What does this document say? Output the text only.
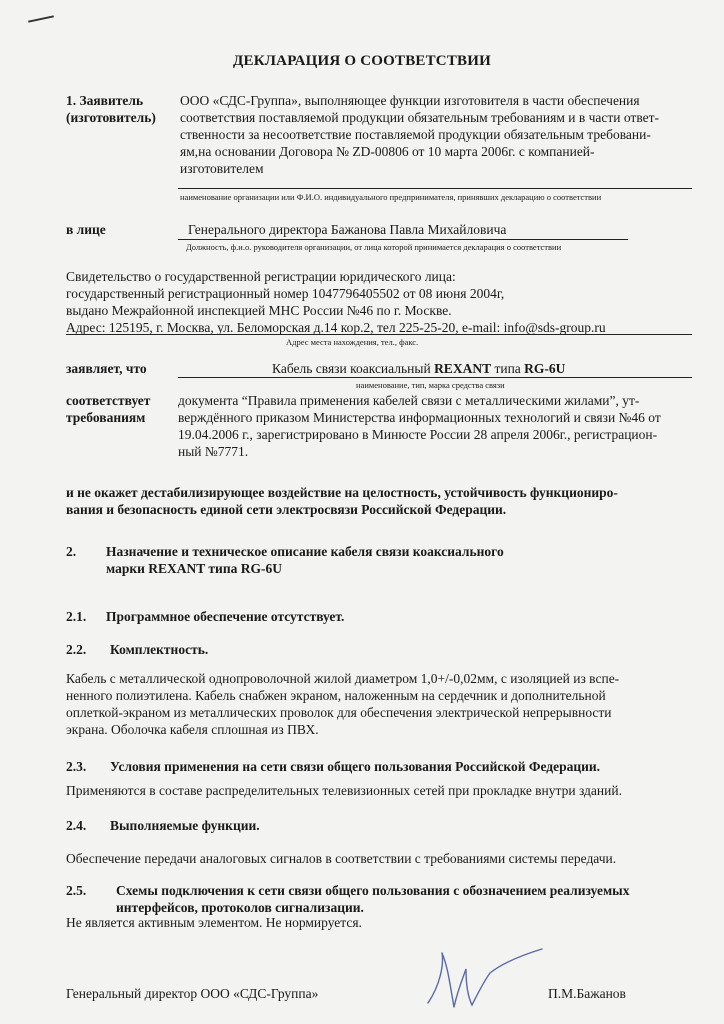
ДЕКЛАРАЦИЯ О СООТВЕТСТВИИ
1. Заявитель
(изготовитель)
ООО «СДС-Группа», выполняющее функции изготовителя в части обеспечения
соответствия поставляемой продукции обязательным требованиям и в части ответ-
ственности за несоответствие поставляемой продукции обязательным требовани-
ям,на основании Договора № ZD-00806 от 10 марта 2006г. с компанией-
изготовителем
наименование организации или Ф.И.О. индивидуального предпринимателя, принявших декларацию о соответствии
в лице	Генерального директора Бажанова Павла Михайловича
Должность, ф.и.о. руководителя организации, от лица которой принимается декларация о соответствии
Свидетельство о государственной регистрации юридического лица:
государственный регистрационный номер 1047796405502 от 08 июня 2004г,
выдано Межрайонной инспекцией МНС России №46 по г. Москве.
Адрес: 125195, г. Москва, ул. Беломорская д.14 кор.2, тел 225-25-20, e-mail: info@sds-group.ru
Адрес места нахождения, тел., факс.
заявляет, что	Кабель связи коаксиальный REXANT типа RG-6U
наименование, тип, марка средства связи
соответствует
требованиям
документа “Правила применения кабелей связи с металлическими жилами”, ут-
верждённого приказом Министерства информационных технологий и связи №46 от
19.04.2006 г., зарегистрировано в Минюсте России 28 апреля 2006г., регистрацион-
ный №7771.
и не окажет дестабилизирующее воздействие на целостность, устойчивость функциониро-
вания и безопасность единой сети электросвязи Российской Федерации.
2. Назначение и техническое описание кабеля связи коаксиального
марки REXANT типа RG-6U
2.1. Программное обеспечение отсутствует.
2.2. Комплектность.
Кабель с металлической однопроволочной жилой диаметром 1,0+/-0,02мм, с изоляцией из вспе-
ненного полиэтилена. Кабель снабжен экраном, наложенным на сердечник и дополнительной
оплеткой-экраном из металлических проволок для обеспечения электрической непрерывности
экрана. Оболочка кабеля сплошная из ПВХ.
2.3. Условия применения на сети связи общего пользования Российской Федерации.
Применяются в составе распределительных телевизионных сетей при прокладке внутри зданий.
2.4. Выполняемые функции.
Обеспечение передачи аналоговых сигналов в соответствии с требованиями системы передачи.
2.5. Схемы подключения к сети связи общего пользования с обозначением реализуемых
интерфейсов, протоколов сигнализации.
Не является активным элементом. Не нормируется.
Генеральный директор ООО «СДС-Группа»	П.М.Бажанов
